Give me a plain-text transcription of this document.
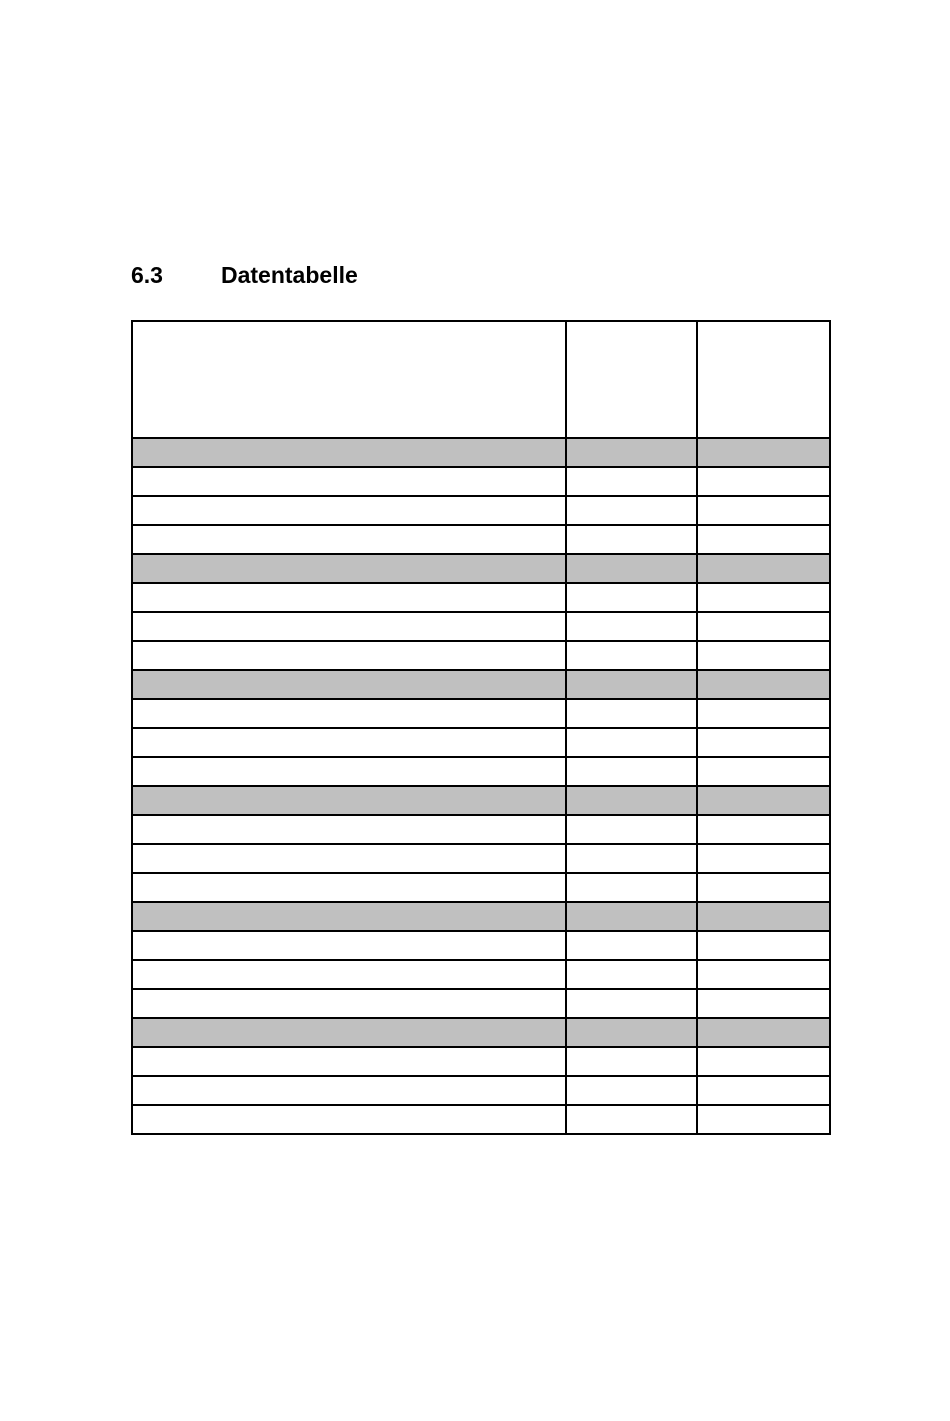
6.3	Datentabelle
